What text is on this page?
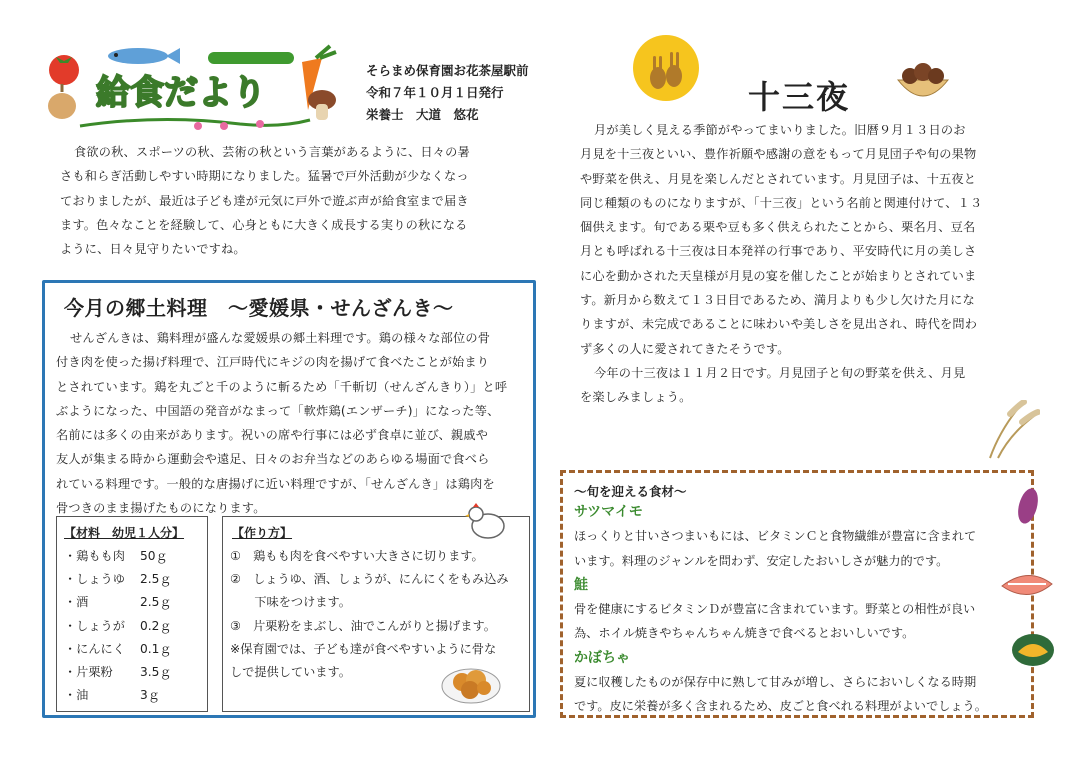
給食だより
そらまめ保育園お花茶屋駅前
令和７年１０月１日発行
栄養士　大道　悠花
食欲の秋、スポーツの秋、芸術の秋という言葉があるように、日々の暑
さも和らぎ活動しやすい時期になりました。猛暑で戸外活動が少なくなっ
ておりましたが、最近は子ども達が元気に戸外で遊ぶ声が給食室まで届き
ます。色々なことを経験して、心身ともに大きく成長する実りの秋になる
ように、日々見守りたいですね。
今月の郷土料理　～愛媛県・せんざんき～
せんざんきは、鶏料理が盛んな愛媛県の郷土料理です。鶏の様々な部位の骨
付き肉を使った揚げ料理で、江戸時代にキジの肉を揚げて食べたことが始まり
とされています。鶏を丸ごと千のように斬るため「千斬切（せんざんきり）」と呼
ぶようになった、中国語の発音がなまって「軟炸鶏(エンザーチ)」になった等、
名前には多くの由来があります。祝いの席や行事には必ず食卓に並び、親戚や
友人が集まる時から運動会や遠足、日々のお弁当などのあらゆる場面で食べら
れている料理です。一般的な唐揚げに近い料理ですが、「せんざんき」は鶏肉を
骨つきのまま揚げたものになります。
【材料　幼児１人分】
・鶏もも肉 50ｇ
・しょうゆ 2.5ｇ
・酒	2.5ｇ
・しょうが 0.2ｇ
・にんにく 0.1ｇ
・片栗粉 3.5ｇ
・油	3ｇ
【作り方】
①　鶏もも肉を食べやすい大きさに切ります。
②　しょうゆ、酒、しょうが、にんにくをもみ込み
　　下味をつけます。
③　片栗粉をまぶし、油でこんがりと揚げます。
※保育園では、子ども達が食べやすいように骨な
しで提供しています。
十三夜
月が美しく見える季節がやってまいりました。旧暦９月１３日のお
月見を十三夜といい、豊作祈願や感謝の意をもって月見団子や旬の果物
や野菜を供え、月見を楽しんだとされています。月見団子は、十五夜と
同じ種類のものになりますが、「十三夜」という名前と関連付けて、１３
個供えます。旬である栗や豆も多く供えられたことから、栗名月、豆名
月とも呼ばれる十三夜は日本発祥の行事であり、平安時代に月の美しさ
に心を動かされた天皇様が月見の宴を催したことが始まりとされていま
す。新月から数えて１３日目であるため、満月よりも少し欠けた月にな
りますが、未完成であることに味わいや美しさを見出され、時代を問わ
ず多くの人に愛されてきたそうです。
今年の十三夜は１１月２日です。月見団子と旬の野菜を供え、月見
を楽しみましょう。
～旬を迎える食材～
サツマイモ
ほっくりと甘いさつまいもには、ビタミンＣと食物繊維が豊富に含まれて
います。料理のジャンルを問わず、安定したおいしさが魅力的です。
鮭
骨を健康にするビタミンＤが豊富に含まれています。野菜との相性が良い
為、ホイル焼きやちゃんちゃん焼きで食べるとおいしいです。
かぼちゃ
夏に収穫したものが保存中に熟して甘みが増し、さらにおいしくなる時期
です。皮に栄養が多く含まれるため、皮ごと食べれる料理がよいでしょう。
